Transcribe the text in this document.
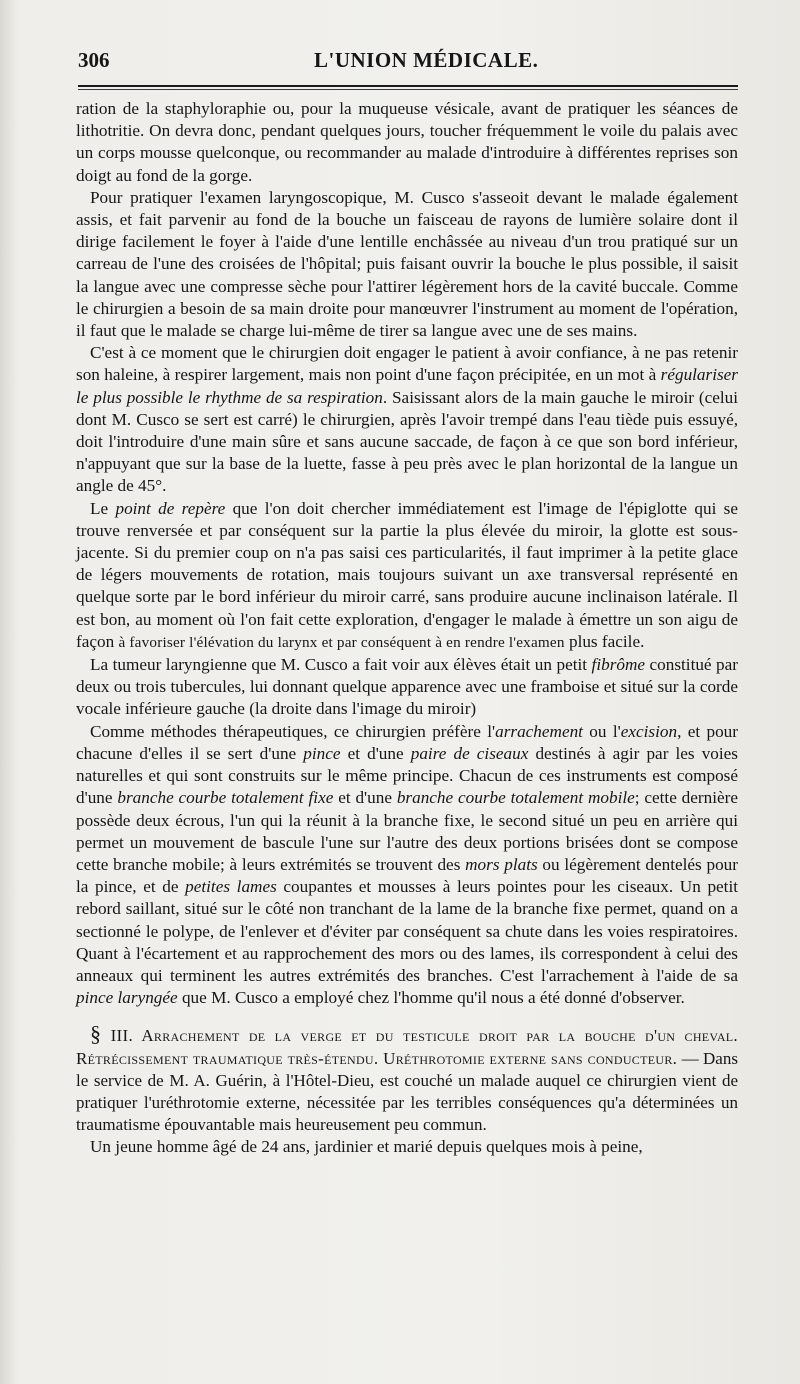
306	L'UNION MÉDICALE.

ration de la staphyloraphie ou, pour la muqueuse vésicale, avant de pratiquer les séances de lithotritie. On devra donc, pendant quelques jours, toucher fréquemment le voile du palais avec un corps mousse quelconque, ou recommander au malade d'introduire à différentes reprises son doigt au fond de la gorge.

Pour pratiquer l'examen laryngoscopique, M. Cusco s'asseoit devant le malade également assis, et fait parvenir au fond de la bouche un faisceau de rayons de lumière solaire dont il dirige facilement le foyer à l'aide d'une lentille enchâssée au niveau d'un trou pratiqué sur un carreau de l'une des croisées de l'hôpital; puis faisant ouvrir la bouche le plus possible, il saisit la langue avec une compresse sèche pour l'attirer légèrement hors de la cavité buccale. Comme le chirurgien a besoin de sa main droite pour manœuvrer l'instrument au moment de l'opération, il faut que le malade se charge lui-même de tirer sa langue avec une de ses mains.

C'est à ce moment que le chirurgien doit engager le patient à avoir confiance, à ne pas retenir son haleine, à respirer largement, mais non point d'une façon précipitée, en un mot à régulariser le plus possible le rhythme de sa respiration. Saisissant alors de la main gauche le miroir (celui dont M. Cusco se sert est carré) le chirurgien, après l'avoir trempé dans l'eau tiède puis essuyé, doit l'introduire d'une main sûre et sans aucune saccade, de façon à ce que son bord inférieur, n'appuyant que sur la base de la luette, fasse à peu près avec le plan horizontal de la langue un angle de 45°.

Le point de repère que l'on doit chercher immédiatement est l'image de l'épiglotte qui se trouve renversée et par conséquent sur la partie la plus élevée du miroir, la glotte est sous-jacente. Si du premier coup on n'a pas saisi ces particularités, il faut imprimer à la petite glace de légers mouvements de rotation, mais toujours suivant un axe transversal représenté en quelque sorte par le bord inférieur du miroir carré, sans produire aucune inclinaison latérale. Il est bon, au moment où l'on fait cette exploration, d'engager le malade à émettre un son aigu de façon à favoriser l'élévation du larynx et par conséquent à en rendre l'examen plus facile.

La tumeur laryngienne que M. Cusco a fait voir aux élèves était un petit fibrôme constitué par deux ou trois tubercules, lui donnant quelque apparence avec une framboise et situé sur la corde vocale inférieure gauche (la droite dans l'image du miroir)

Comme méthodes thérapeutiques, ce chirurgien préfère l'arrachement ou l'excision, et pour chacune d'elles il se sert d'une pince et d'une paire de ciseaux destinés à agir par les voies naturelles et qui sont construits sur le même principe. Chacun de ces instruments est composé d'une branche courbe totalement fixe et d'une branche courbe totalement mobile; cette dernière possède deux écrous, l'un qui la réunit à la branche fixe, le second situé un peu en arrière qui permet un mouvement de bascule l'une sur l'autre des deux portions brisées dont se compose cette branche mobile; à leurs extrémités se trouvent des mors plats ou légèrement dentelés pour la pince, et de petites lames coupantes et mousses à leurs pointes pour les ciseaux. Un petit rebord saillant, situé sur le côté non tranchant de la lame de la branche fixe permet, quand on a sectionné le polype, de l'enlever et d'éviter par conséquent sa chute dans les voies respiratoires. Quant à l'écartement et au rapprochement des mors ou des lames, ils correspondent à celui des anneaux qui terminent les autres extrémités des branches. C'est l'arrachement à l'aide de sa pince laryngée que M. Cusco a employé chez l'homme qu'il nous a été donné d'observer.

§ III. Arrachement de la verge et du testicule droit par la bouche d'un cheval. Rétrécissement traumatique très-étendu. Uréthrotomie externe sans conducteur. — Dans le service de M. A. Guérin, à l'Hôtel-Dieu, est couché un malade auquel ce chirurgien vient de pratiquer l'uréthrotomie externe, nécessitée par les terribles conséquences qu'a déterminées un traumatisme épouvantable mais heureusement peu commun.

Un jeune homme âgé de 24 ans, jardinier et marié depuis quelques mois à peine,
